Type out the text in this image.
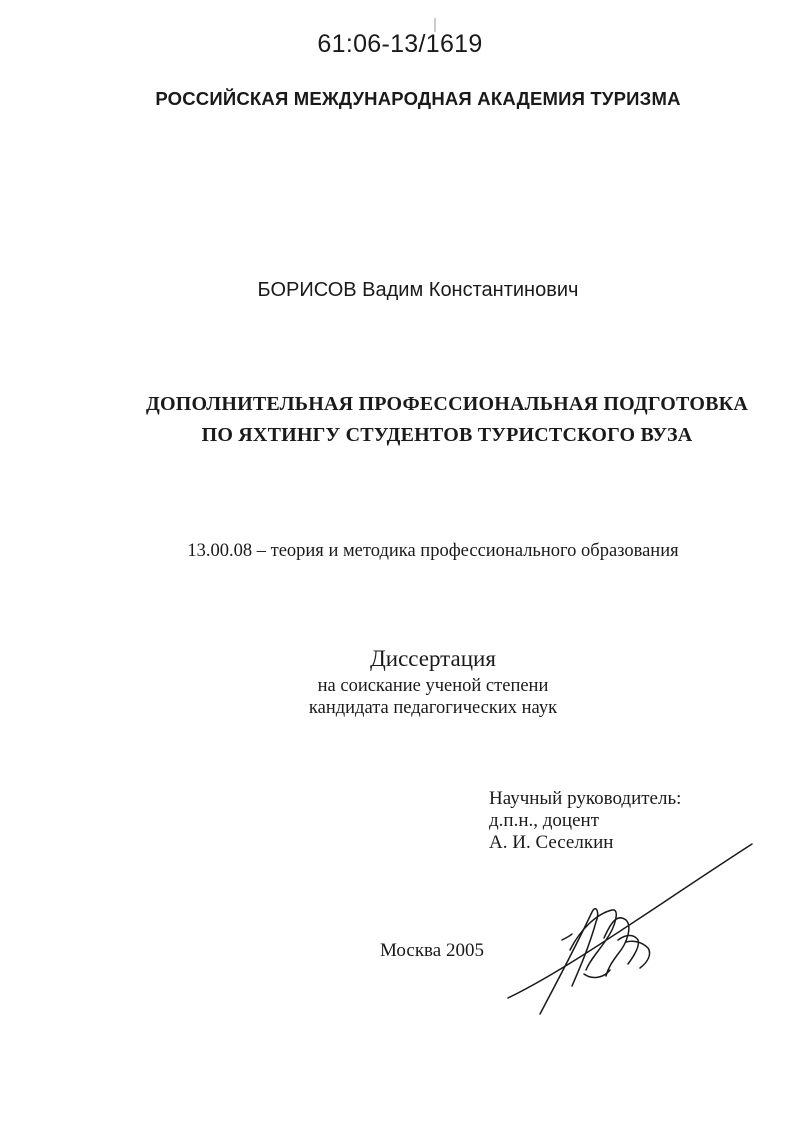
61:06-13/1619
РОССИЙСКАЯ МЕЖДУНАРОДНАЯ АКАДЕМИЯ ТУРИЗМА
БОРИСОВ Вадим Константинович
ДОПОЛНИТЕЛЬНАЯ ПРОФЕССИОНАЛЬНАЯ ПОДГОТОВКА
ПО ЯХТИНГУ СТУДЕНТОВ ТУРИСТСКОГО ВУЗА
13.00.08 – теория и методика профессионального образования
Диссертация
на соискание ученой степени
кандидата педагогических наук
Научный руководитель:
д.п.н., доцент
А. И. Сеселкин
Москва 2005
